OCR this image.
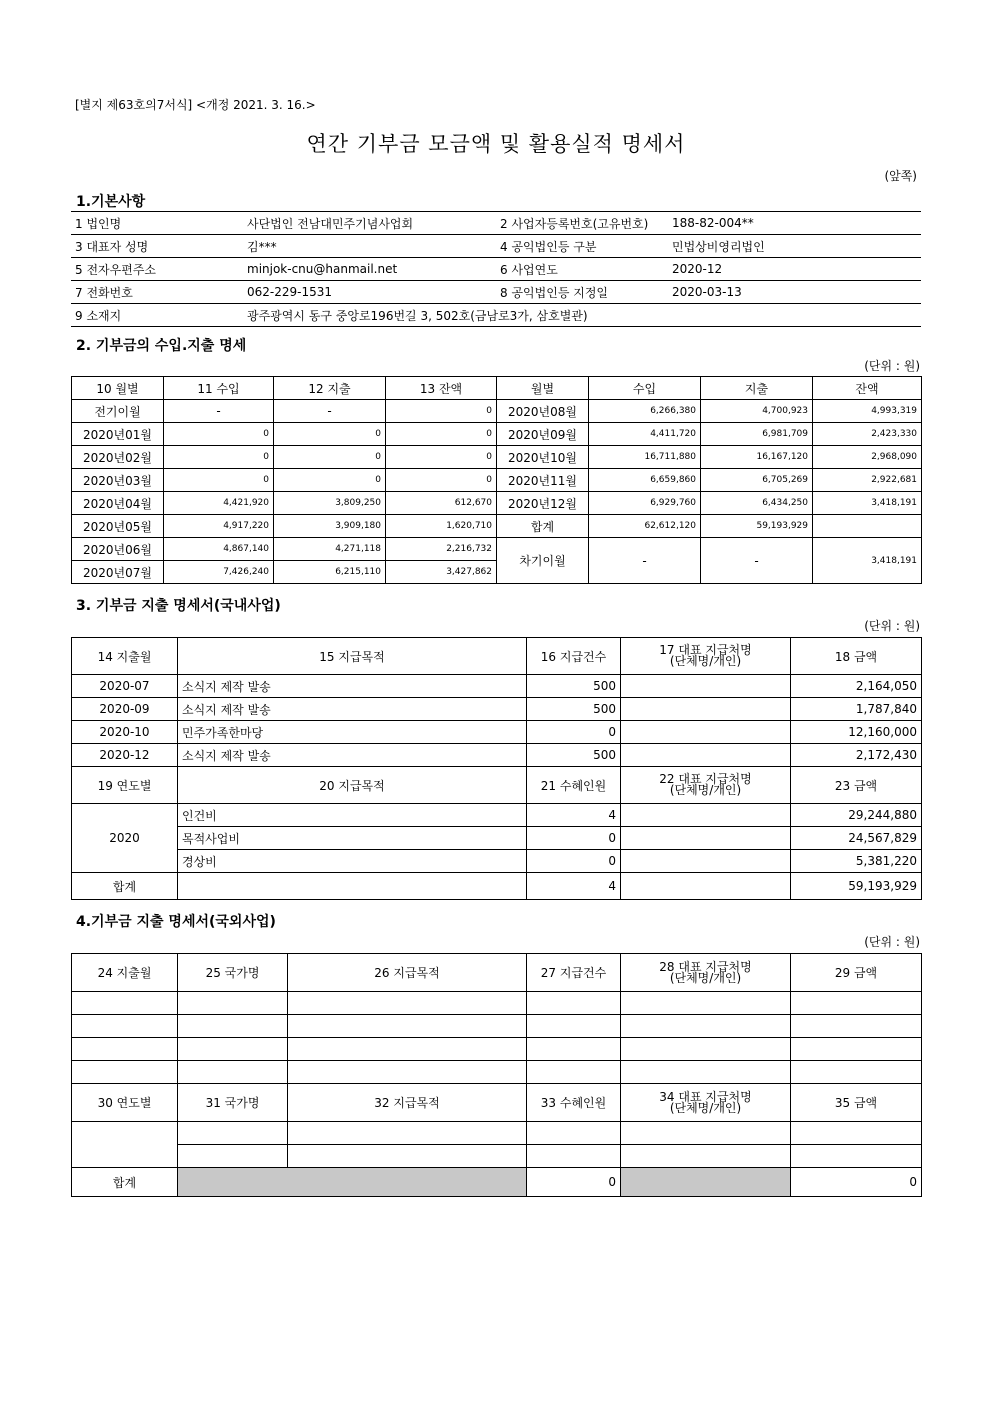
[별지 제63호의7서식] <개정 2021. 3. 16.>
연간 기부금 모금액 및 활용실적 명세서
(앞쪽)
1.기본사항
1 법인명	사단법인 전남대민주기념사업회	2 사업자등록번호(고유번호)	188-82-004**
3 대표자 성명	김***	4 공익법인등 구분	민법상비영리법인
5 전자우편주소	minjok-cnu@hanmail.net	6 사업연도	2020-12
7 전화번호	062-229-1531	8 공익법인등 지정일	2020-03-13
9 소재지	광주광역시 동구 중앙로196번길 3, 502호(금남로3가, 삼호별관)		
2. 기부금의 수입.지출 명세
(단위 : 원)
10 월별	11 수입	12 지출	13 잔액	월별	수입	지출	잔액
전기이월	-	-	0	2020년08월	6,266,380	4,700,923	4,993,319
2020년01월	0	0	0	2020년09월	4,411,720	6,981,709	2,423,330
2020년02월	0	0	0	2020년10월	16,711,880	16,167,120	2,968,090
2020년03월	0	0	0	2020년11월	6,659,860	6,705,269	2,922,681
2020년04월	4,421,920	3,809,250	612,670	2020년12월	6,929,760	6,434,250	3,418,191
2020년05월	4,917,220	3,909,180	1,620,710	합계	62,612,120	59,193,929	
2020년06월	4,867,140	4,271,118	2,216,732	차기이월	-	-	3,418,191
2020년07월	7,426,240	6,215,110	3,427,862				
3. 기부금 지출 명세서(국내사업)
(단위 : 원)
14 지출월	15 지급목적	16 지급건수	17 대표 지급처명
(단체명/개인)	18 금액
2020-07	소식지 제작 발송	500		2,164,050
2020-09	소식지 제작 발송	500		1,787,840
2020-10	민주가족한마당	0		12,160,000
2020-12	소식지 제작 발송	500		2,172,430
19 연도별	20 지급목적	21 수혜인원	22 대표 지급처명
(단체명/개인)	23 금액
2020	인건비	4		29,244,880
	목적사업비	0		24,567,829
	경상비	0		5,381,220
합계		4		59,193,929
4.기부금 지출 명세서(국외사업)
(단위 : 원)
24 지출월	25 국가명	26 지급목적	27 지급건수	28 대표 지급처명
(단체명/개인)	29 금액

30 연도별	31 국가명	32 지급목적	33 수혜인원	34 대표 지급처명
(단체명/개인)	35 금액

합계			0		0
